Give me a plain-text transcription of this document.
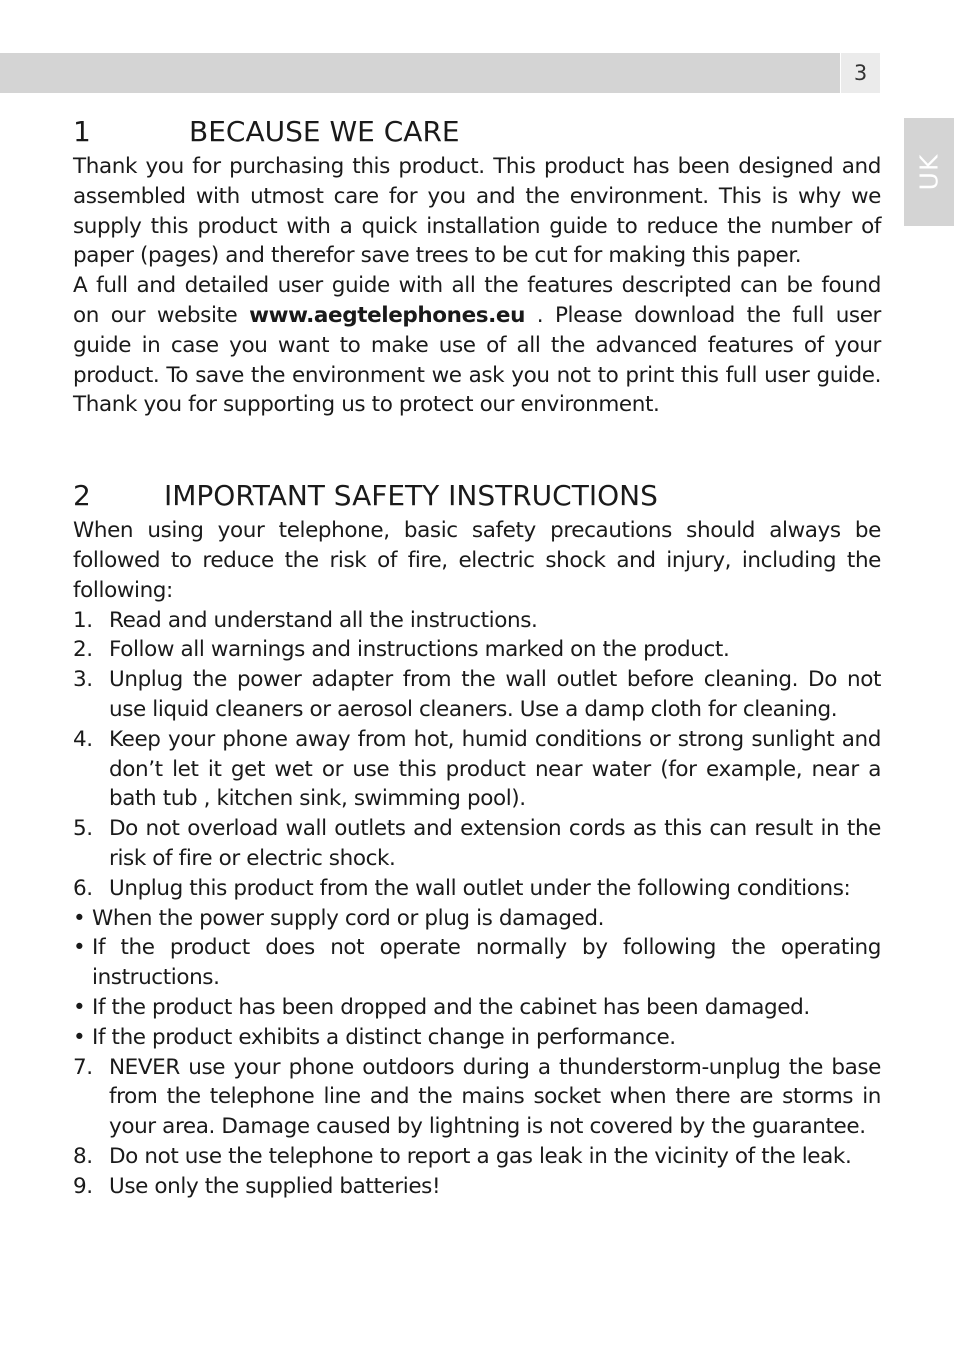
3
UK
1	BECAUSE WE CARE

Thank you for purchasing this product. This product has been designed and assembled with utmost care for you and the environment. This is why we supply this product with a quick installation guide to reduce the number of paper (pages) and therefor save trees to be cut for making this paper.

A full and detailed user guide with all the features descripted can be found on our website www.aegtelephones.eu . Please download the full user guide in case you want to make use of all the advanced features of your product. To save the environment we ask you not to print this full user guide. Thank you for supporting us to protect our environment.

2	IMPORTANT SAFETY INSTRUCTIONS

When using your telephone, basic safety precautions should always be followed to reduce the risk of fire, electric shock and injury, including the following:

1. Read and understand all the instructions.
2. Follow all warnings and instructions marked on the product.
3. Unplug the power adapter from the wall outlet before cleaning. Do not use liquid cleaners or aerosol cleaners. Use a damp cloth for cleaning.
4. Keep your phone away from hot, humid conditions or strong sunlight and don’t let it get wet or use this product near water (for example, near a bath tub , kitchen sink, swimming pool).
5. Do not overload wall outlets and extension cords as this can result in the risk of fire or electric shock.
6. Unplug this product from the wall outlet under the following conditions:
• When the power supply cord or plug is damaged.
• If the product does not operate normally by following the operating instructions.
• If the product has been dropped and the cabinet has been damaged.
• If the product exhibits a distinct change in performance.
7. NEVER use your phone outdoors during a thunderstorm-unplug the base from the telephone line and the mains socket when there are storms in your area. Damage caused by lightning is not covered by the guarantee.
8. Do not use the telephone to report a gas leak in the vicinity of the leak.
9. Use only the supplied batteries!
